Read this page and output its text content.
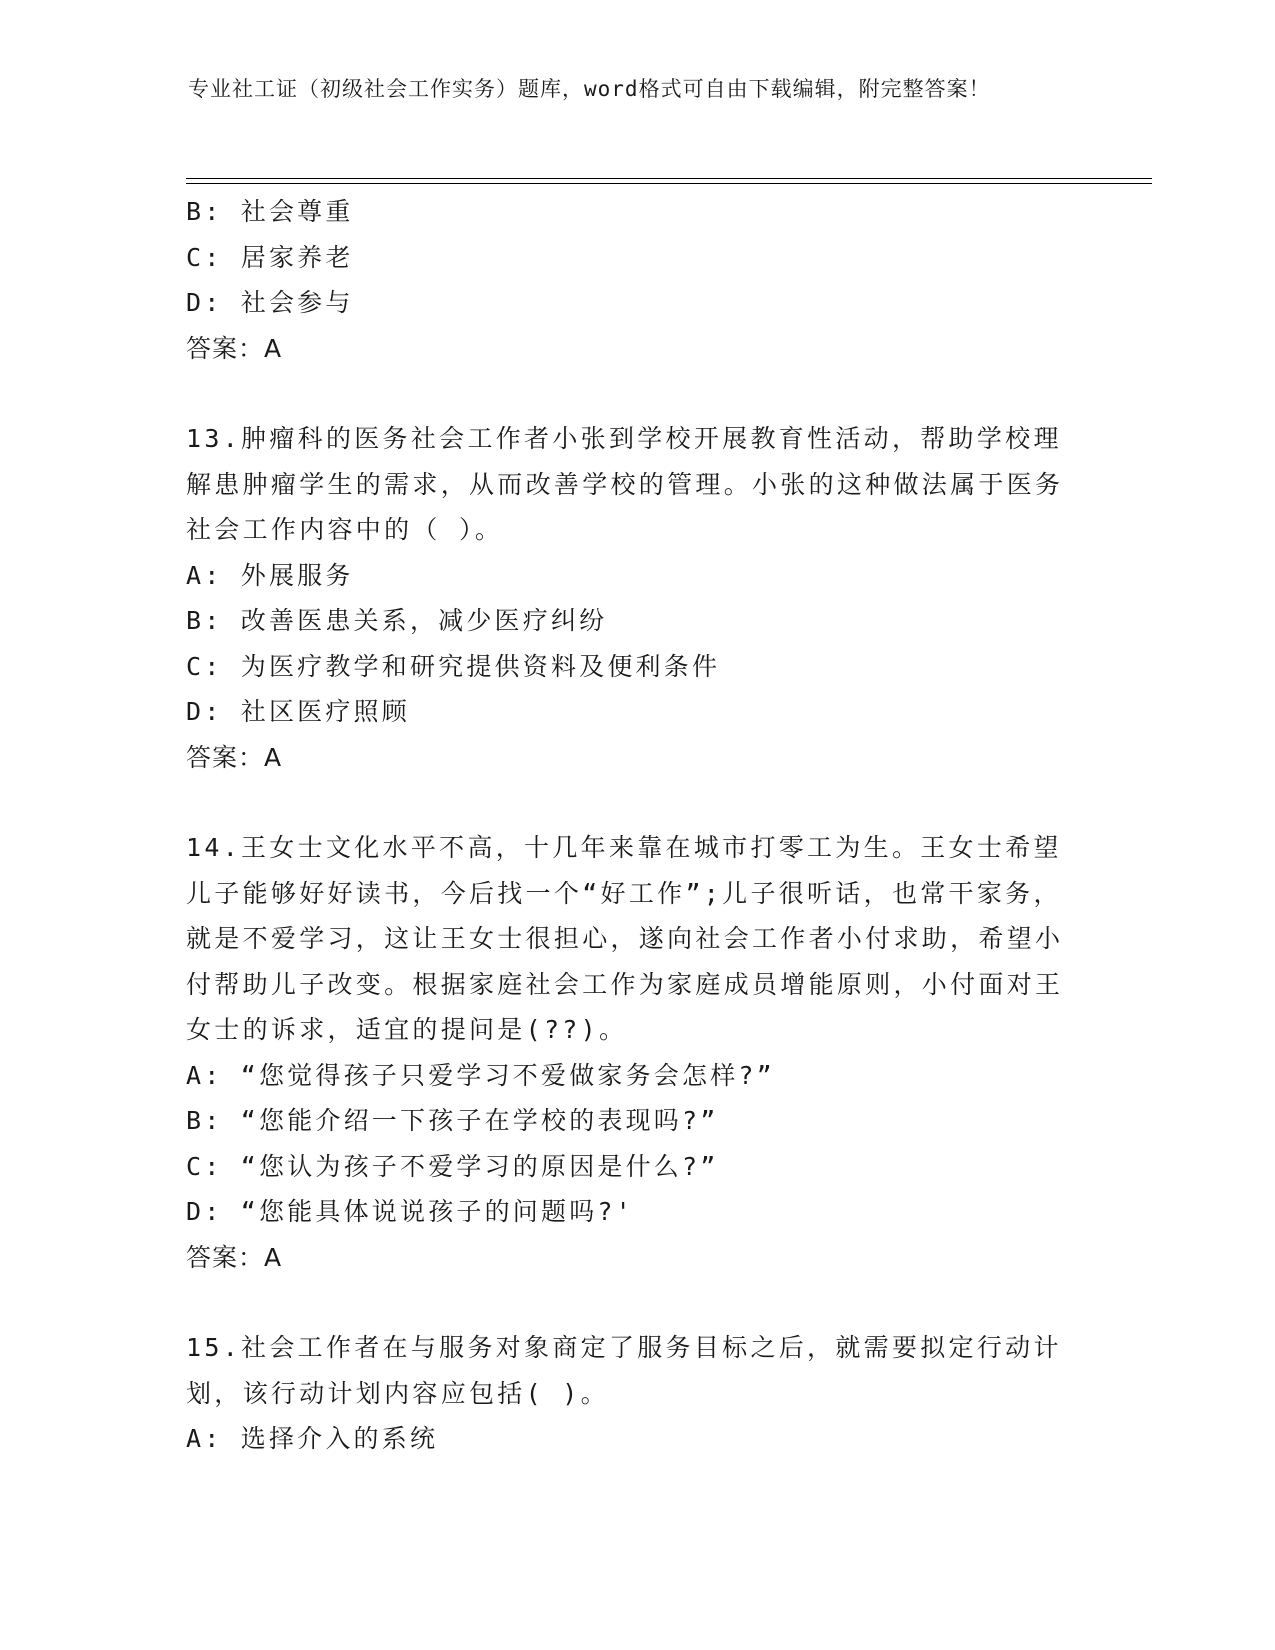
专业社工证（初级社会工作实务）题库，word格式可自由下载编辑，附完整答案！
B: 社会尊重
C: 居家养老
D: 社会参与
答案：A
13.肿瘤科的医务社会工作者小张到学校开展教育性活动，帮助学校理解患肿瘤学生的需求，从而改善学校的管理。小张的这种做法属于医务社会工作内容中的（ ）。
A: 外展服务
B: 改善医患关系，减少医疗纠纷
C: 为医疗教学和研究提供资料及便利条件
D: 社区医疗照顾
答案：A
14.王女士文化水平不高，十几年来靠在城市打零工为生。王女士希望儿子能够好好读书，今后找一个“好工作”;儿子很听话，也常干家务，就是不爱学习，这让王女士很担心，遂向社会工作者小付求助，希望小付帮助儿子改变。根据家庭社会工作为家庭成员增能原则，小付面对王女士的诉求，适宜的提问是(??)。
A: “您觉得孩子只爱学习不爱做家务会怎样?”
B: “您能介绍一下孩子在学校的表现吗?”
C: “您认为孩子不爱学习的原因是什么?”
D: “您能具体说说孩子的问题吗?'
答案：A
15.社会工作者在与服务对象商定了服务目标之后，就需要拟定行动计划，该行动计划内容应包括( )。
A: 选择介入的系统
